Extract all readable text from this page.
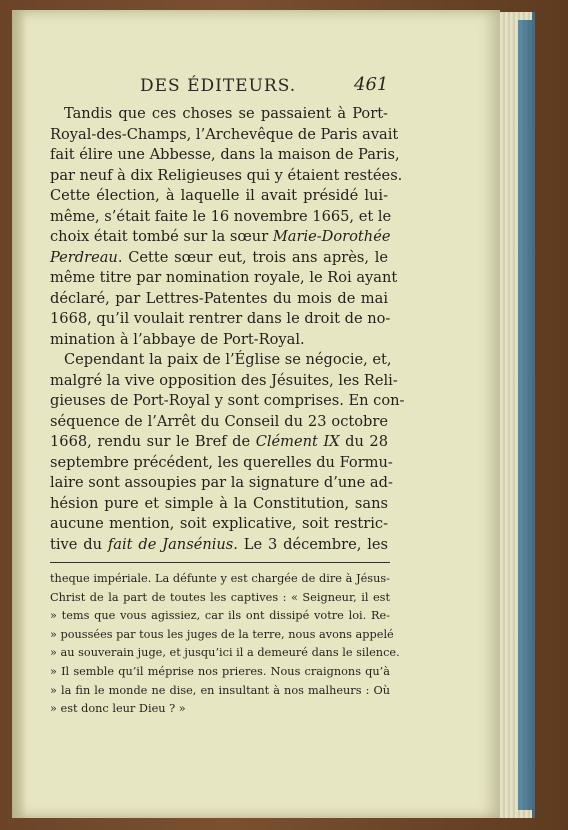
DES ÉDITEURS.	461
Tandis que ces choses se passaient à Port-
Royal-des-Champs, l’Archevêque de Paris avait
fait élire une Abbesse, dans la maison de Paris,
par neuf à dix Religieuses qui y étaient restées.
Cette élection, à laquelle il avait présidé lui-
même, s’était faite le 16 novembre 1665, et le
choix était tombé sur la sœur Marie-Dorothée
Perdreau. Cette sœur eut, trois ans après, le
même titre par nomination royale, le Roi ayant
déclaré, par Lettres-Patentes du mois de mai
1668, qu’il voulait rentrer dans le droit de no-
mination à l’abbaye de Port-Royal.
Cependant la paix de l’Église se négocie, et,
malgré la vive opposition des Jésuites, les Reli-
gieuses de Port-Royal y sont comprises. En con-
séquence de l’Arrêt du Conseil du 23 octobre
1668, rendu sur le Bref de Clément IX du 28
septembre précédent, les querelles du Formu-
laire sont assoupies par la signature d’une ad-
hésion pure et simple à la Constitution, sans
aucune mention, soit explicative, soit restric-
tive du fait de Jansénius. Le 3 décembre, les
theque impériale. La défunte y est chargée de dire à Jésus-
Christ de la part de toutes les captives : « Seigneur, il est
» tems que vous agissiez, car ils ont dissipé votre loi. Re-
» poussées par tous les juges de la terre, nous avons appelé
» au souverain juge, et jusqu’ici il a demeuré dans le silence.
» Il semble qu’il méprise nos prieres. Nous craignons qu’à
» la fin le monde ne dise, en insultant à nos malheurs : Où
» est donc leur Dieu ? »
